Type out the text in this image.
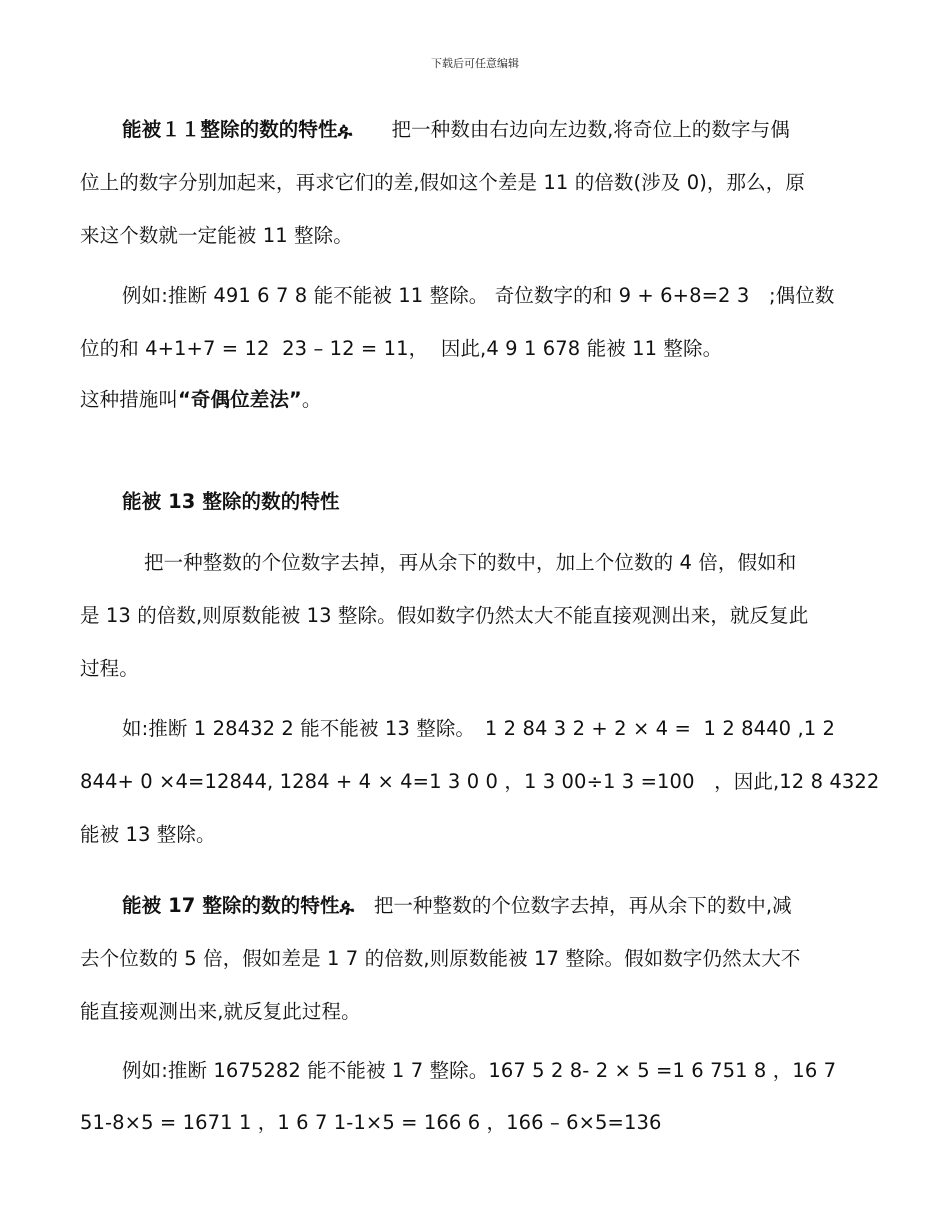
下载后可任意编辑
能被１１整除的数的特性ዹ　　把一种数由右边向左边数,将奇位上的数字与偶
位上的数字分别加起来，再求它们的差,假如这个差是 11 的倍数(涉及 0)，那么，原
来这个数就一定能被 11 整除。
例如:推断 491 6 7 8 能不能被 11 整除。 奇位数字的和 9 + 6+8=2 3　;偶位数
位的和 4+1+7 = 12  23 – 12 = 11，  因此,4 9 1 678 能被 11 整除。
这种措施叫“奇偶位差法”。
能被 13 整除的数的特性
把一种整数的个位数字去掉，再从余下的数中，加上个位数的 4 倍，假如和
是 13 的倍数,则原数能被 13 整除。假如数字仍然太大不能直接观测出来，就反复此
过程。
如:推断 1 28432 2 能不能被 13 整除。　1 2 84 3 2 + 2 × 4 =  1 2 8440 ,1 2
844+ 0 ×4=12844, 1284 + 4 × 4=1 3 0 0 ，1 3 00÷1 3 =100　，因此,12 8 4322
能被 13 整除。
能被 17 整除的数的特性ዹ　把一种整数的个位数字去掉，再从余下的数中,减
去个位数的 5 倍，假如差是 1 7 的倍数,则原数能被 17 整除。假如数字仍然太大不
能直接观测出来,就反复此过程。
例如:推断 1675282 能不能被 1 7 整除。167 5 2 8- 2 × 5 =1 6 751 8 ，16 7
51-8×5 = 1671 1 ，1 6 7 1-1×5 = 166 6 ，166 – 6×5=136
